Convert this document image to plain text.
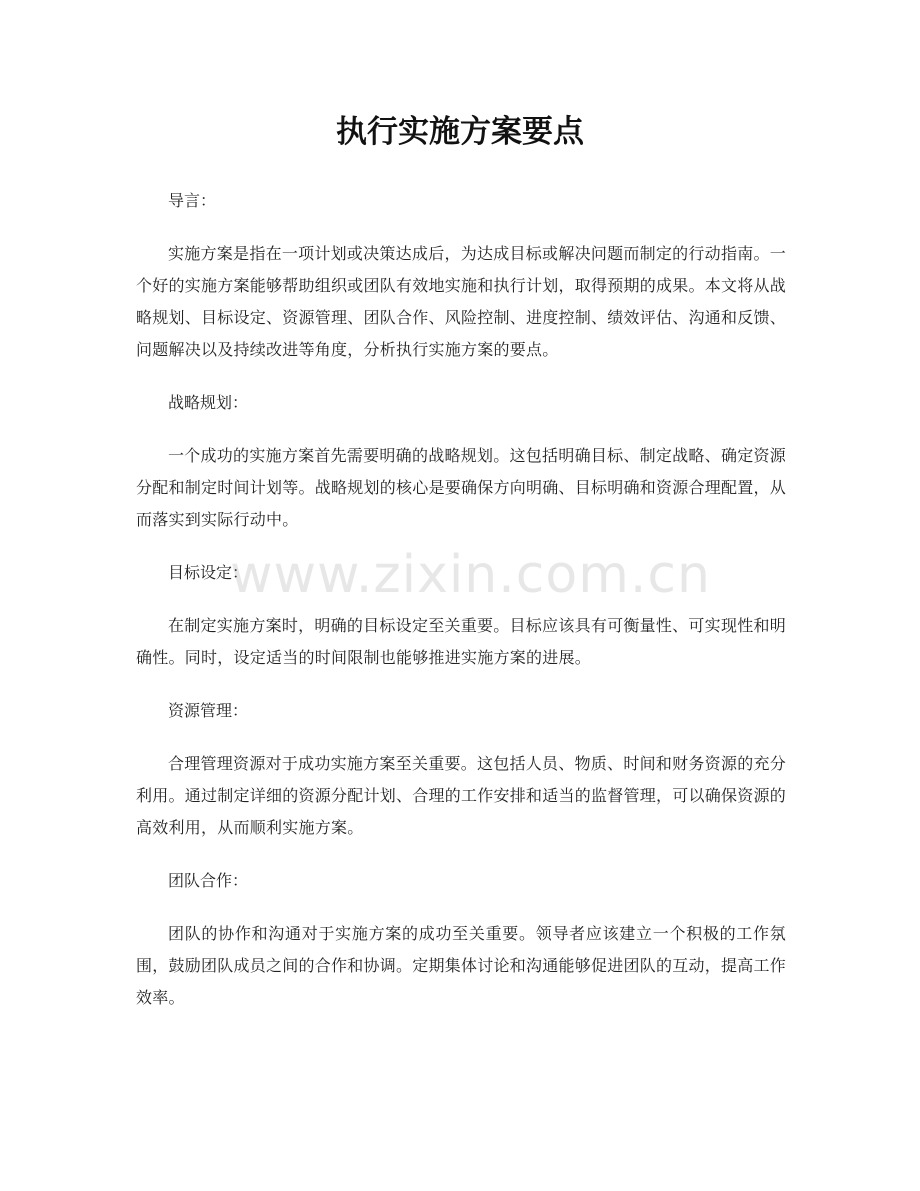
执行实施方案要点

导言：

实施方案是指在一项计划或决策达成后，为达成目标或解决问题而制定的行动指南。一个好的实施方案能够帮助组织或团队有效地实施和执行计划，取得预期的成果。本文将从战略规划、目标设定、资源管理、团队合作、风险控制、进度控制、绩效评估、沟通和反馈、问题解决以及持续改进等角度，分析执行实施方案的要点。

战略规划：

一个成功的实施方案首先需要明确的战略规划。这包括明确目标、制定战略、确定资源分配和制定时间计划等。战略规划的核心是要确保方向明确、目标明确和资源合理配置，从而落实到实际行动中。

目标设定：

在制定实施方案时，明确的目标设定至关重要。目标应该具有可衡量性、可实现性和明确性。同时，设定适当的时间限制也能够推进实施方案的进展。

资源管理：

合理管理资源对于成功实施方案至关重要。这包括人员、物质、时间和财务资源的充分利用。通过制定详细的资源分配计划、合理的工作安排和适当的监督管理，可以确保资源的高效利用，从而顺利实施方案。

团队合作：

团队的协作和沟通对于实施方案的成功至关重要。领导者应该建立一个积极的工作氛围，鼓励团队成员之间的合作和协调。定期集体讨论和沟通能够促进团队的互动，提高工作效率。

www.zixin.com.cn
